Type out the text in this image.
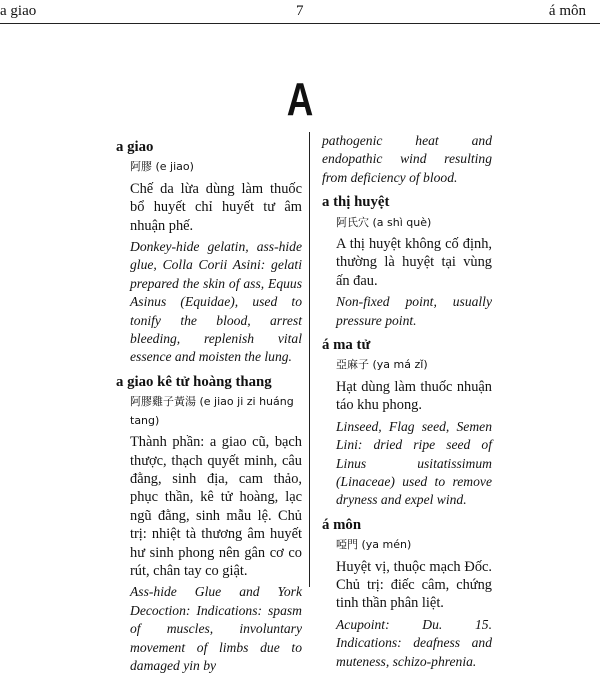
a giao	7	á môn
A
a giao
阿膠 (e jiao)
Chế da lừa dùng làm thuốc bổ huyết chỉ huyết tư âm nhuận phế.
Donkey-hide gelatin, ass-hide glue, Colla Corii Asini: gelati prepared the skin of ass, Equus Asinus (Equidae), used to tonify the blood, arrest bleeding, replenish vital essence and moisten the lung.
a giao kê tử hoàng thang
阿膠雞子黃湯 (e jiao ji zi huáng tang)
Thành phần: a giao cũ, bạch thược, thạch quyết minh, câu đằng, sinh địa, cam thảo, phục thần, kê tử hoàng, lạc ngũ đằng, sinh mẫu lệ. Chủ trị: nhiệt tà thương âm huyết hư sinh phong nên gân cơ co rút, chân tay co giật.
Ass-hide Glue and York Decoction: Indications: spasm of muscles, involuntary movement of limbs due to damaged yin by
pathogenic heat and endopathic wind resulting from deficiency of blood.
a thị huyệt
阿氏穴 (a shì què)
A thị huyệt không cố định, thường là huyệt tại vùng ấn đau.
Non-fixed point, usually pressure point.
á ma tử
亞麻子 (ya má zǐ)
Hạt dùng làm thuốc nhuận táo khu phong.
Linseed, Flag seed, Semen Lini: dried ripe seed of Linus usitatissimum (Linaceae) used to remove dryness and expel wind.
á môn
啞門 (ya mén)
Huyệt vị, thuộc mạch Đốc. Chủ trị: điếc câm, chứng tinh thần phân liệt.
Acupoint: Du. 15. Indications: deafness and muteness, schizo-phrenia.
